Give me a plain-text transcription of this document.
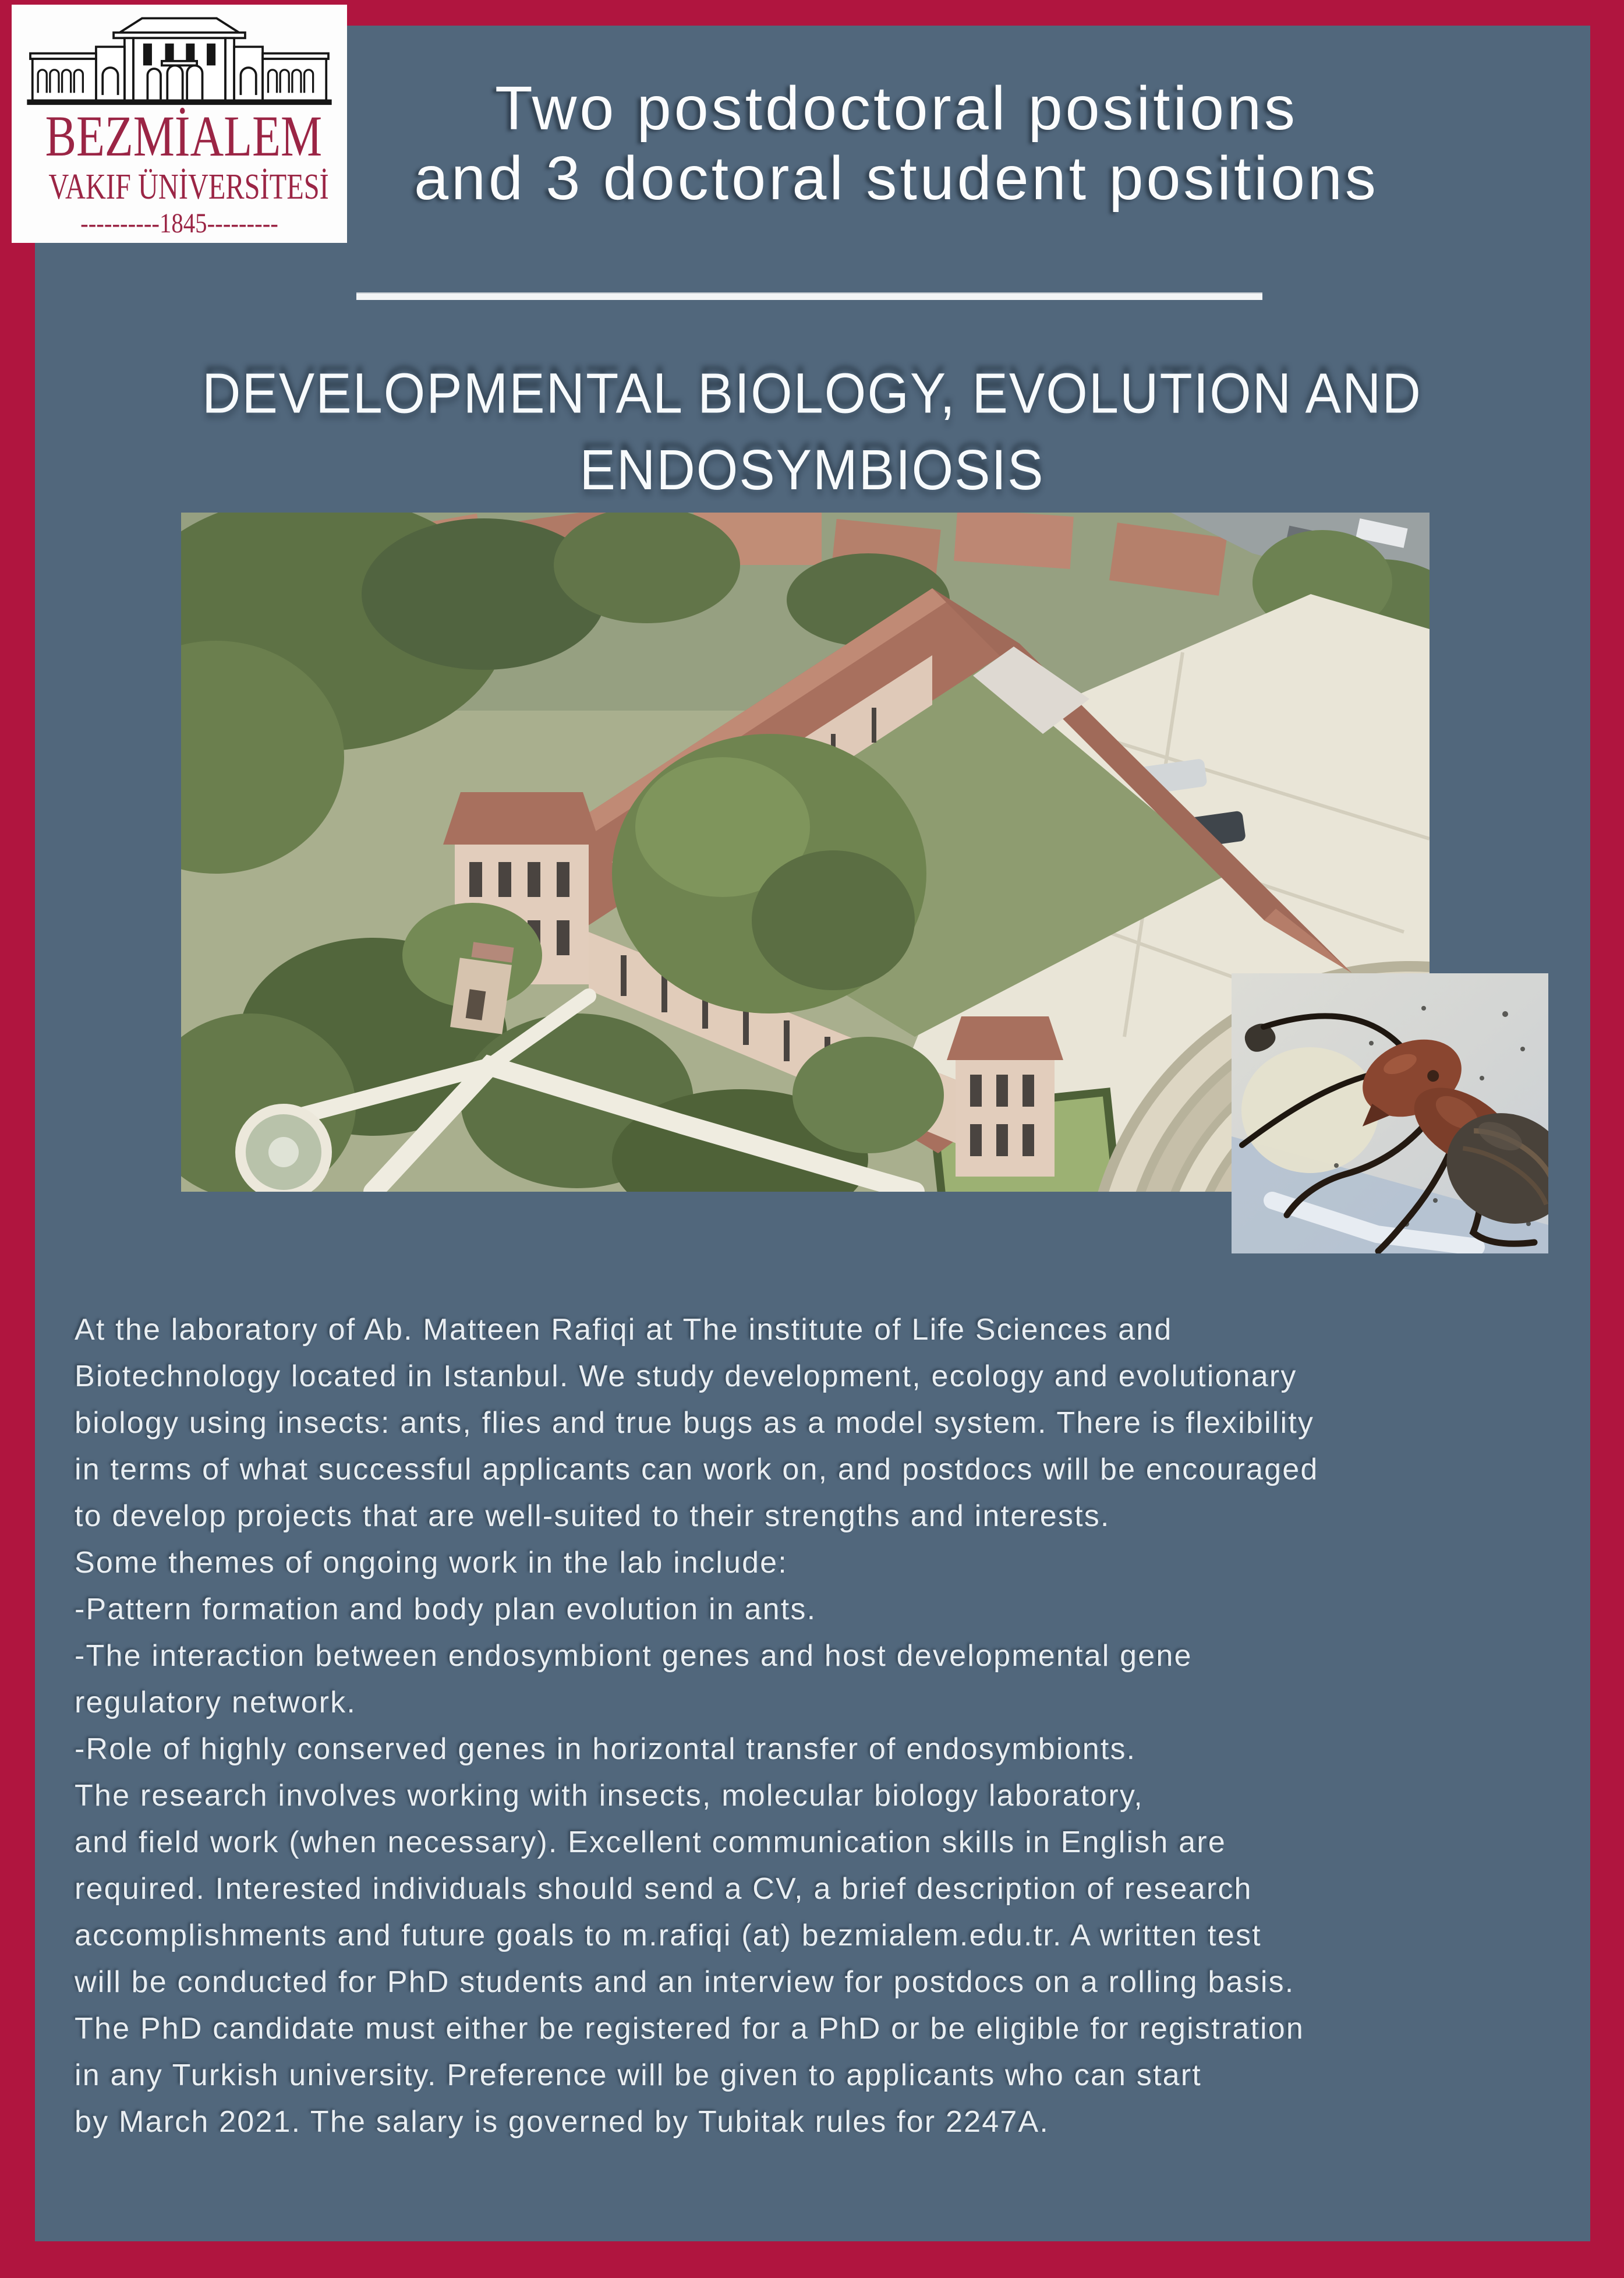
BEZMİALEM
VAKIF ÜNİVERSİTESİ
----------1845---------
Two postdoctoral positions
and 3 doctoral student positions
DEVELOPMENTAL BIOLOGY, EVOLUTION AND
ENDOSYMBIOSIS
At the laboratory of Ab. Matteen Rafiqi at The institute of Life Sciences and
Biotechnology located in Istanbul. We study development, ecology and evolutionary
biology using insects: ants, flies and true bugs as a model system. There is flexibility
in terms of what successful applicants can work on, and postdocs will be encouraged
to develop projects that are well-suited to their strengths and interests.
Some themes of ongoing work in the lab include:
-Pattern formation and body plan evolution in ants.
-The interaction between endosymbiont genes and host developmental gene
regulatory network.
-Role of highly conserved genes in horizontal transfer of endosymbionts.
The research involves working with insects, molecular biology laboratory,
and field work (when necessary). Excellent communication skills in English are
required. Interested individuals should send a CV, a brief description of research
accomplishments and future goals to m.rafiqi (at) bezmialem.edu.tr. A written test
will be conducted for PhD students and an interview for postdocs on a rolling basis.
The PhD candidate must either be registered for a PhD or be eligible for registration
in any Turkish university. Preference will be given to applicants who can start
by March 2021. The salary is governed by Tubitak rules for 2247A.
